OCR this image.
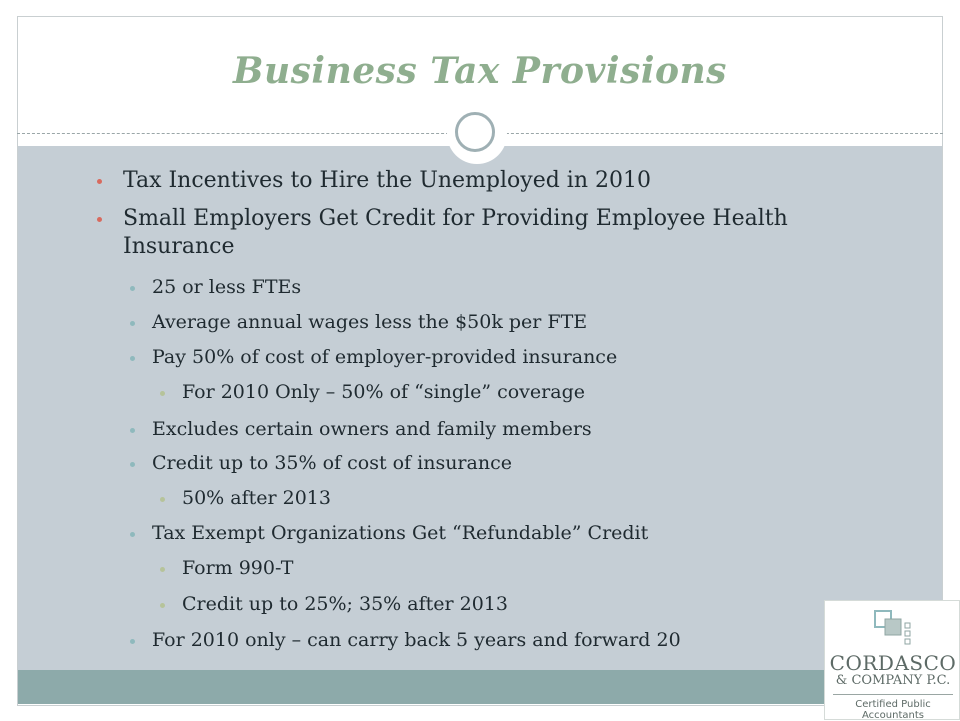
Business Tax Provisions
Tax Incentives to Hire the Unemployed in 2010
Small Employers Get Credit for Providing Employee Health
Insurance
25 or less FTEs
Average annual wages less the $50k per FTE
Pay 50% of cost of employer-provided insurance
For 2010 Only – 50% of “single” coverage
Excludes certain owners and family members
Credit up to 35% of cost of insurance
50% after 2013
Tax Exempt Organizations Get “Refundable” Credit
Form 990-T
Credit up to 25%; 35% after 2013
For 2010 only – can carry back 5 years and forward 20
CORDASCO
& COMPANY P.C.
Certified Public Accountants
